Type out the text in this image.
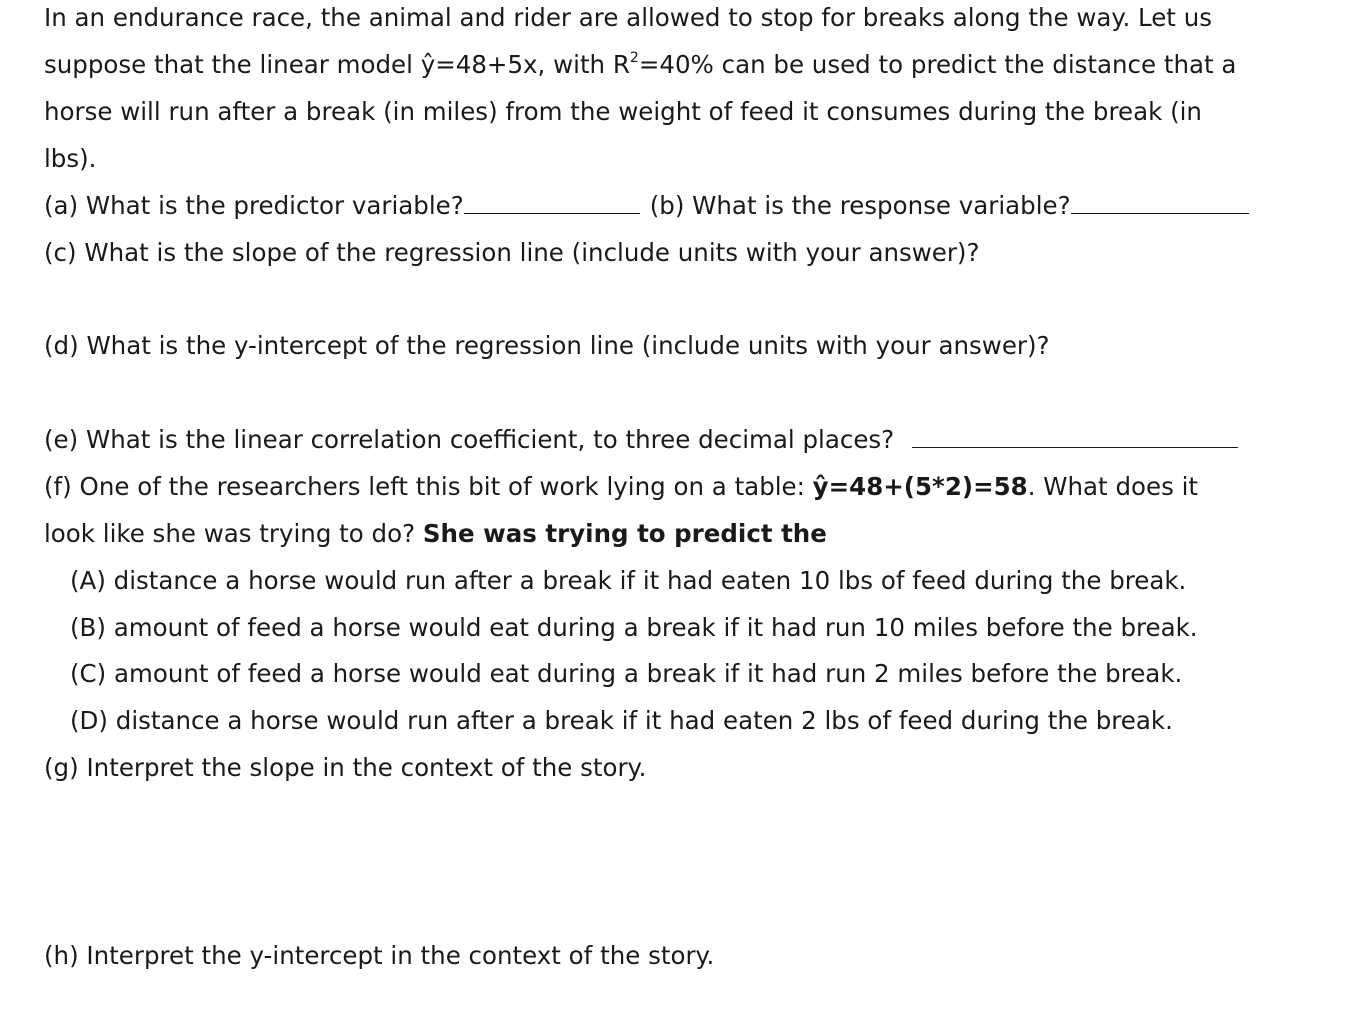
In an endurance race, the animal and rider are allowed to stop for breaks along the way. Let us
suppose that the linear model ŷ=48+5x, with $R^2=40\%$ can be used to predict the distance that a
horse will run after a break (in miles) from the weight of feed it consumes during the break (in
lbs).
(a) What is the predictor variable?	(b) What is the response variable?
(c) What is the slope of the regression line (include units with your answer)?
(d) What is the y-intercept of the regression line (include units with your answer)?
(e) What is the linear correlation coefficient, to three decimal places?
(f) One of the researchers left this bit of work lying on a table: ŷ=48+(5*2)=58. What does it
look like she was trying to do? She was trying to predict the
(A) distance a horse would run after a break if it had eaten 10 lbs of feed during the break.
(B) amount of feed a horse would eat during a break if it had run 10 miles before the break.
(C) amount of feed a horse would eat during a break if it had run 2 miles before the break.
(D) distance a horse would run after a break if it had eaten 2 lbs of feed during the break.
(g) Interpret the slope in the context of the story.
(h) Interpret the y-intercept in the context of the story.
